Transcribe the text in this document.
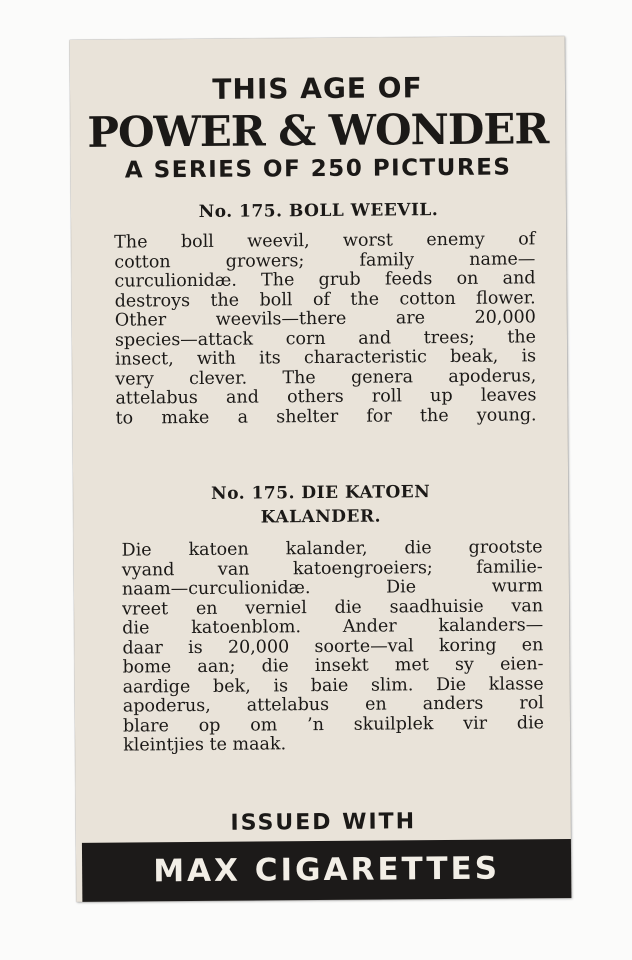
THIS AGE OF
POWER & WONDER
A SERIES OF 250 PICTURES
No. 175. BOLL WEEVIL.
The boll weevil, worst enemy of
cotton growers; family name—
curculionidæ. The grub feeds on and
destroys the boll of the cotton flower.
Other weevils—there are 20,000
species—attack corn and trees; the
insect, with its characteristic beak, is
very clever. The genera apoderus,
attelabus and others roll up leaves
to make a shelter for the young.
No. 175. DIE KATOEN
KALANDER.
Die katoen kalander, die grootste
vyand van katoengroeiers; familie-
naam—curculionidæ. Die wurm
vreet en verniel die saadhuisie van
die katoenblom. Ander kalanders—
daar is 20,000 soorte—val koring en
bome aan; die insekt met sy eien-
aardige bek, is baie slim. Die klasse
apoderus, attelabus en anders rol
blare op om ’n skuilplek vir die
kleintjies te maak.
ISSUED WITH
MAX CIGARETTES
